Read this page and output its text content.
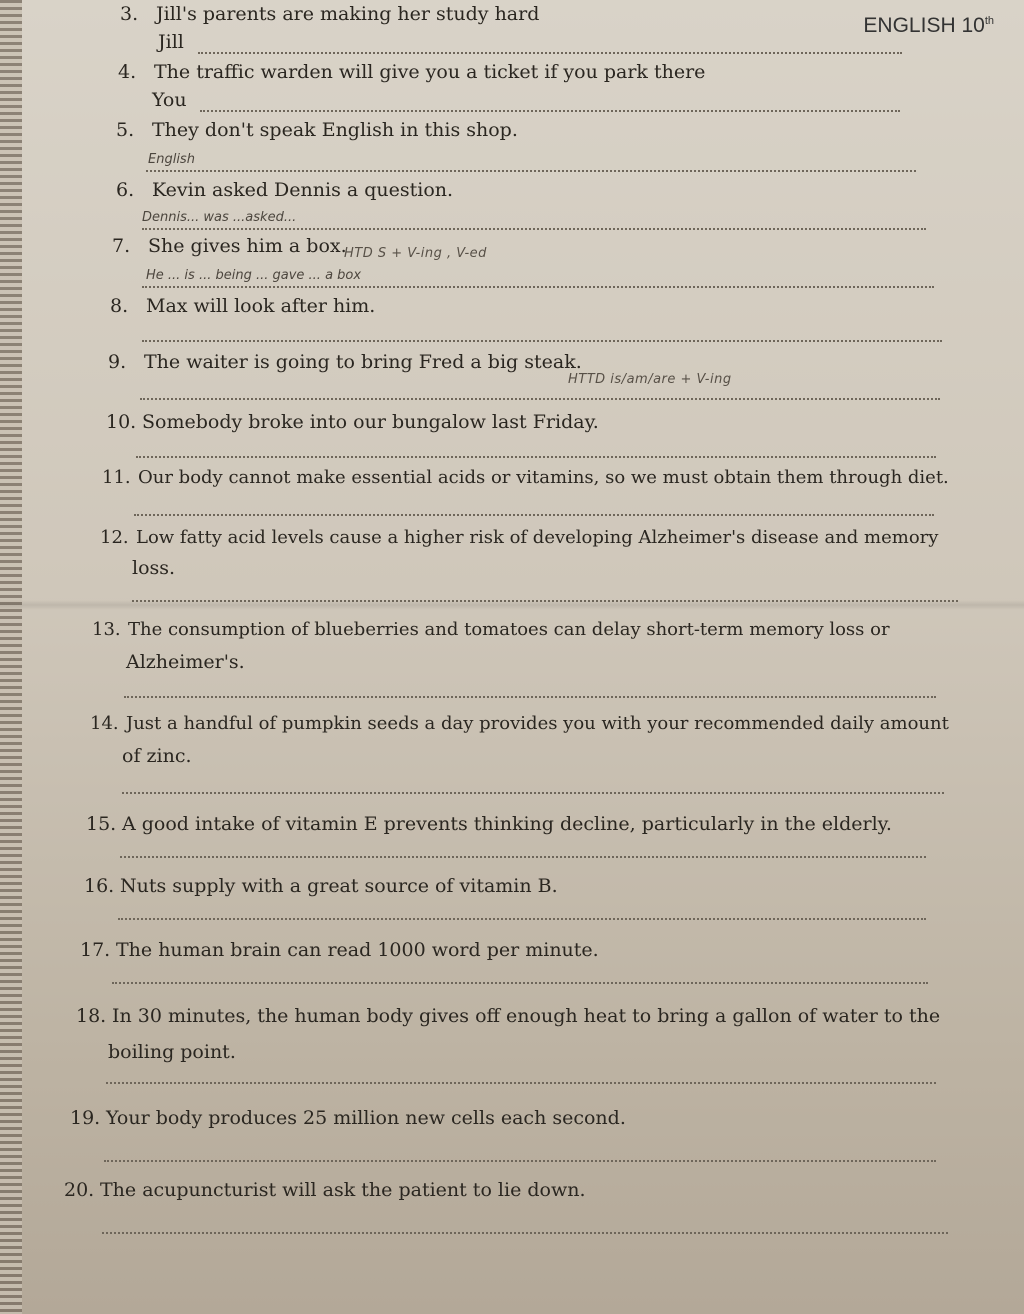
ENGLISH 10th
3. Jill's parents are making her study hard
Jill
4. The traffic warden will give you a ticket if you park there
You
5. They don't speak English in this shop.
English
6. Kevin asked Dennis a question.
Dennis... was ...asked...
7. She gives him a box.
HTD S + V-ing , V-ed
He ... is ... being ... gave ... a box
8. Max will look after him.
9. The waiter is going to bring Fred a big steak.
HTTD is/am/are + V-ing
10. Somebody broke into our bungalow last Friday.
11. Our body cannot make essential acids or vitamins, so we must obtain them through diet.
12. Low fatty acid levels cause a higher risk of developing Alzheimer's disease and memory
loss.
13. The consumption of blueberries and tomatoes can delay short-term memory loss or
Alzheimer's.
14. Just a handful of pumpkin seeds a day provides you with your recommended daily amount
of zinc.
15. A good intake of vitamin E prevents thinking decline, particularly in the elderly.
16. Nuts supply with a great source of vitamin B.
17. The human brain can read 1000 word per minute.
18. In 30 minutes, the human body gives off enough heat to bring a gallon of water to the
boiling point.
19. Your body produces 25 million new cells each second.
20. The acupuncturist will ask the patient to lie down.
